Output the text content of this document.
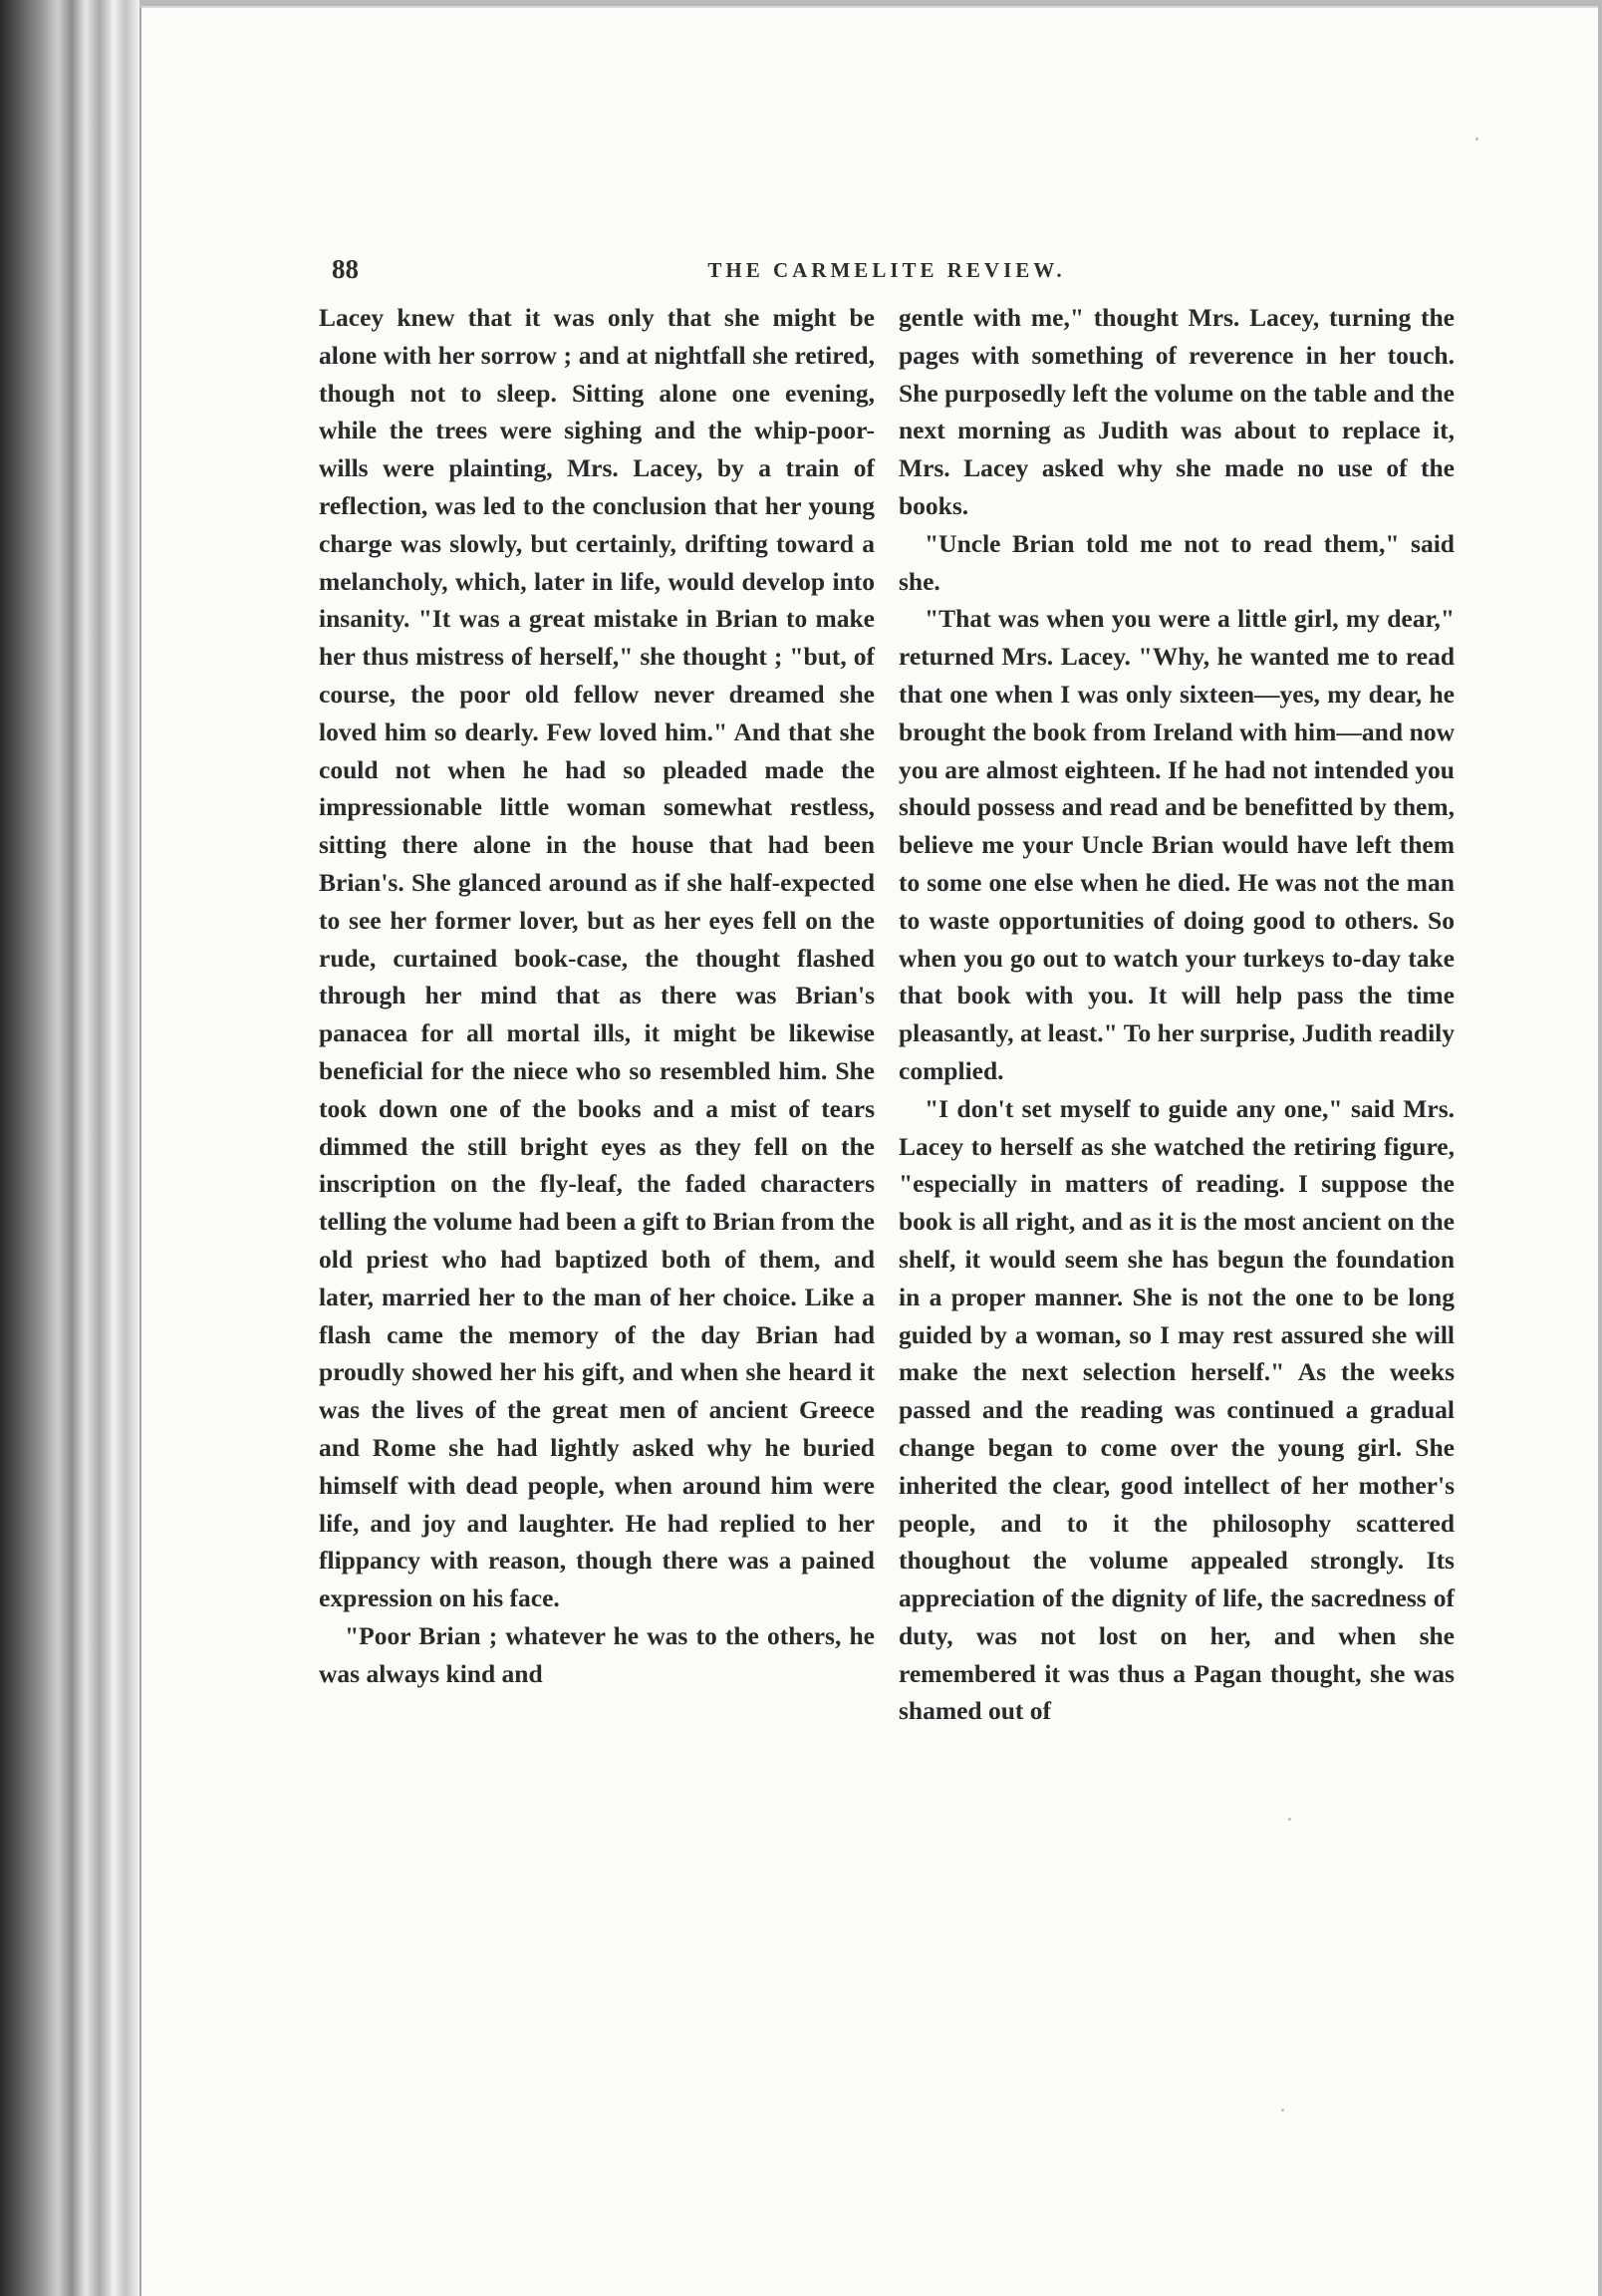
88	THE CARMELITE REVIEW.

Lacey knew that it was only that she might be alone with her sorrow ; and at nightfall she retired, though not to sleep. Sitting alone one evening, while the trees were sighing and the whip-poor-wills were plainting, Mrs. Lacey, by a train of reflection, was led to the conclusion that her young charge was slowly, but certainly, drifting toward a melancholy, which, later in life, would develop into insanity. "It was a great mistake in Brian to make her thus mistress of herself," she thought ; "but, of course, the poor old fellow never dreamed she loved him so dearly. Few loved him." And that she could not when he had so pleaded made the impressionable little woman somewhat restless, sitting there alone in the house that had been Brian's. She glanced around as if she half-expected to see her former lover, but as her eyes fell on the rude, curtained book-case, the thought flashed through her mind that as there was Brian's panacea for all mortal ills, it might be likewise beneficial for the niece who so resembled him. She took down one of the books and a mist of tears dimmed the still bright eyes as they fell on the inscription on the fly-leaf, the faded characters telling the volume had been a gift to Brian from the old priest who had baptized both of them, and later, married her to the man of her choice. Like a flash came the memory of the day Brian had proudly showed her his gift, and when she heard it was the lives of the great men of ancient Greece and Rome she had lightly asked why he buried himself with dead people, when around him were life, and joy and laughter. He had replied to her flippancy with reason, though there was a pained expression on his face.

"Poor Brian ; whatever he was to the others, he was always kind and

gentle with me," thought Mrs. Lacey, turning the pages with something of reverence in her touch. She purposedly left the volume on the table and the next morning as Judith was about to replace it, Mrs. Lacey asked why she made no use of the books.

"Uncle Brian told me not to read them," said she.

"That was when you were a little girl, my dear," returned Mrs. Lacey. "Why, he wanted me to read that one when I was only sixteen—yes, my dear, he brought the book from Ireland with him—and now you are almost eighteen. If he had not intended you should possess and read and be benefitted by them, believe me your Uncle Brian would have left them to some one else when he died. He was not the man to waste opportunities of doing good to others. So when you go out to watch your turkeys to-day take that book with you. It will help pass the time pleasantly, at least." To her surprise, Judith readily complied.

"I don't set myself to guide any one," said Mrs. Lacey to herself as she watched the retiring figure, "especially in matters of reading. I suppose the book is all right, and as it is the most ancient on the shelf, it would seem she has begun the foundation in a proper manner. She is not the one to be long guided by a woman, so I may rest assured she will make the next selection herself." As the weeks passed and the reading was continued a gradual change began to come over the young girl. She inherited the clear, good intellect of her mother's people, and to it the philosophy scattered thoughout the volume appealed strongly. Its appreciation of the dignity of life, the sacredness of duty, was not lost on her, and when she remembered it was thus a Pagan thought, she was shamed out of
